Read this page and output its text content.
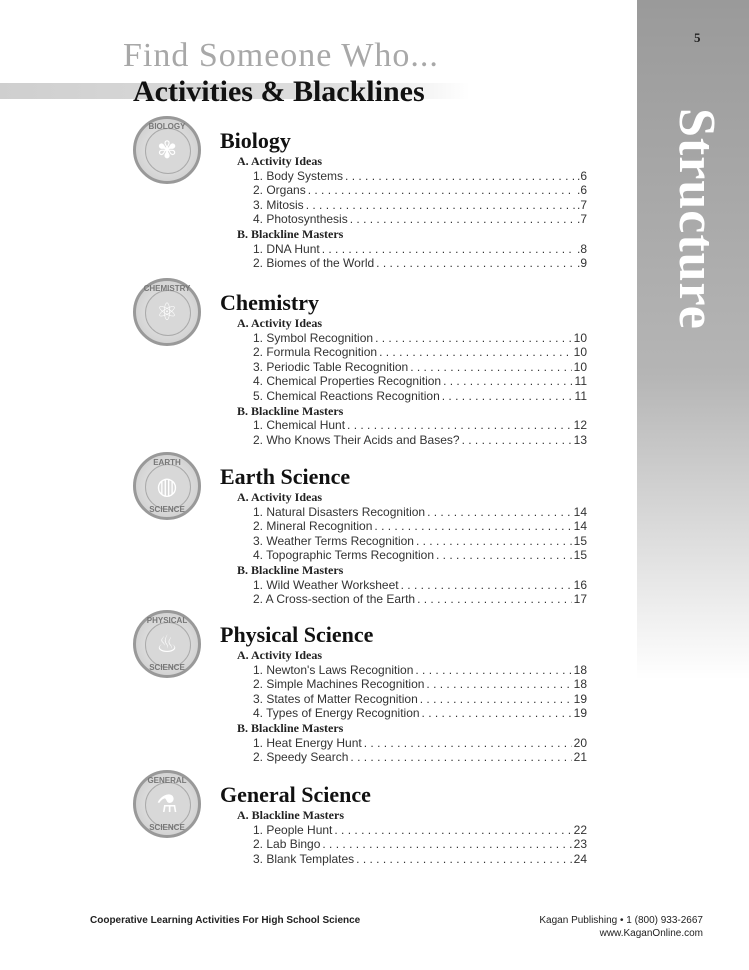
5
Structure
Find Someone Who...
Activities & Blacklines
BIOLOGY
✾	Biology
A. Activity Ideas
1. Body Systems . . .	.6
2. Organs . . .	.6
3. Mitosis . . .	.7
4. Photosynthesis . . .	.7
B. Blackline Masters
1. DNA Hunt . . .	.8
2. Biomes of the World . . .	.9
CHEMISTRY
⚛	Chemistry
A. Activity Ideas
1. Symbol Recognition . . .	10
2. Formula Recognition . . .	10
3. Periodic Table Recognition . . .	10
4. Chemical Properties Recognition . . .	11
5. Chemical Reactions Recognition . . .	11
B. Blackline Masters
1. Chemical Hunt . . .	12
2. Who Knows Their Acids and Bases? . . .	13
EARTH
SCIENCE
◍	Earth Science
A. Activity Ideas
1. Natural Disasters Recognition . . .	14
2. Mineral Recognition . . .	14
3. Weather Terms Recognition . . .	15
4. Topographic Terms Recognition . . .	15
B. Blackline Masters
1. Wild Weather Worksheet . . .	16
2. A Cross-section of the Earth . . .	17
PHYSICAL
SCIENCE
♨	Physical Science
A. Activity Ideas
1. Newton's Laws Recognition . . .	18
2. Simple Machines Recognition . . .	18
3. States of Matter Recognition . . .	19
4. Types of Energy Recognition . . .	19
B. Blackline Masters
1. Heat Energy Hunt . . .	20
2. Speedy Search . . .	21
GENERAL
SCIENCE
⚗	General Science
A. Blackline Masters
1. People Hunt . . .	22
2. Lab Bingo . . .	23
3. Blank Templates . . .	24
Cooperative Learning Activities For High School Science	Kagan Publishing • 1 (800) 933-2667
www.KaganOnline.com
